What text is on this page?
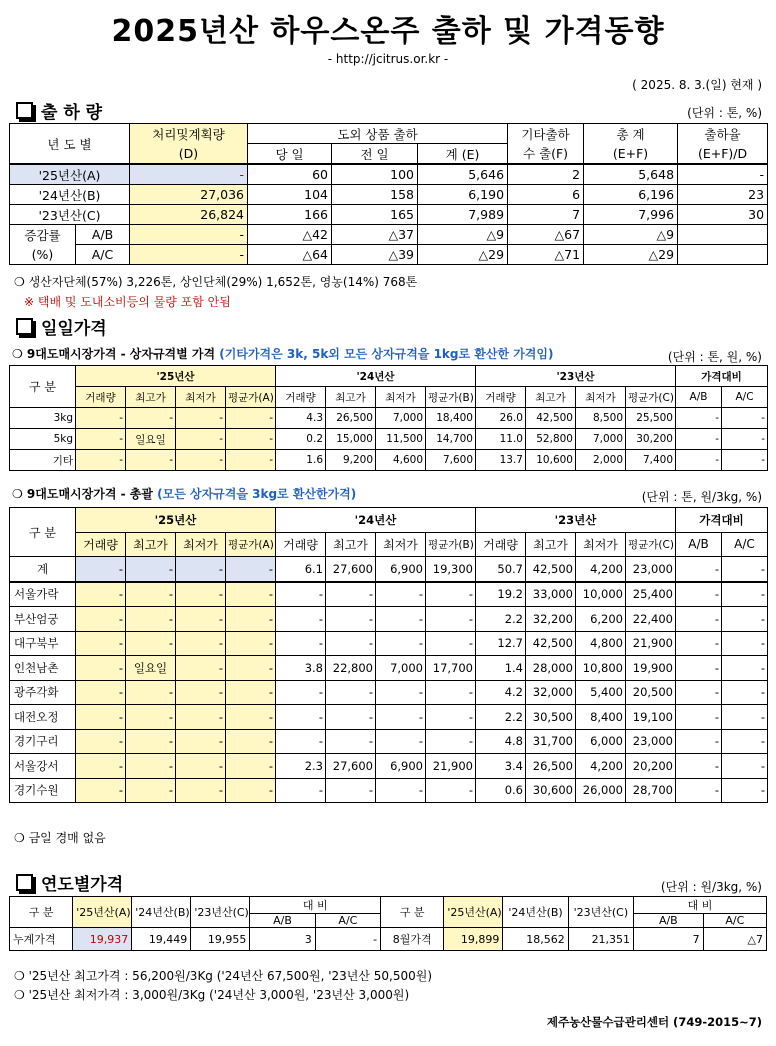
2025년산 하우스온주 출하 및 가격동향
- http://jcitrus.or.kr -
( 2025. 8. 3.(일) 현재 )
출 하 량	(단위 : 톤, %)
년 도 별		처리및계획량	도외 상품 출하			기타출하	총 계	출하율
		(D)	당 일	전 일	계 (E)	수 출(F)	(E+F)	(E+F)/D
'25년산(A)		-	60	100	5,646	2	5,648	-
'24년산(B)		27,036	104	158	6,190	6	6,196	23
'23년산(C)		26,824	166	165	7,989	7	7,996	30
증감률	A/B	-	△42	△37	△9	△67	△9	
(%)	A/C	-	△64	△39	△29	△71	△29	
❍ 생산자단체(57%) 3,226톤, 상인단체(29%) 1,652톤, 영농(14%) 768톤
※ 택배 및 도내소비등의 물량 포함 안됨
일일가격
❍ 9대도매시장가격 - 상자규격별 가격 (기타가격은 3k, 5k외 모든 상자규격을 1kg로 환산한 가격임)	(단위 : 톤, 원, %)
구 분	'25년산				'24년산				'23년산				가격대비	
	거래량	최고가	최저가	평균가(A)	거래량	최고가	최저가	평균가(B)	거래량	최고가	최저가	평균가(C)	A/B	A/C
3kg	-	-	-	-	4.3	26,500	7,000	18,400	26.0	42,500	8,500	25,500	-	-
5kg	-	일요일	-	-	0.2	15,000	11,500	14,700	11.0	52,800	7,000	30,200	-	-
기타	-	-	-	-	1.6	9,200	4,600	7,600	13.7	10,600	2,000	7,400	-	-
❍ 9대도매시장가격 - 총괄 (모든 상자규격을 3kg로 환산한가격)	(단위 : 톤, 원/3kg, %)
구 분	'25년산				'24년산				'23년산				가격대비	
	거래량	최고가	최저가	평균가(A)	거래량	최고가	최저가	평균가(B)	거래량	최고가	최저가	평균가(C)	A/B	A/C
계	-	-	-	-	6.1	27,600	6,900	19,300	50.7	42,500	4,200	23,000	-	-
서울가락	-	-	-	-	-	-	-	-	19.2	33,000	10,000	25,400	-	-
부산엄궁	-	-	-	-	-	-	-	-	2.2	32,200	6,200	22,400	-	-
대구북부	-	-	-	-	-	-	-	-	12.7	42,500	4,800	21,900	-	-
인천남촌	-	일요일	-	-	3.8	22,800	7,000	17,700	1.4	28,000	10,800	19,900	-	-
광주각화	-	-	-	-	-	-	-	-	4.2	32,000	5,400	20,500	-	-
대전오정	-	-	-	-	-	-	-	-	2.2	30,500	8,400	19,100	-	-
경기구리	-	-	-	-	-	-	-	-	4.8	31,700	6,000	23,000	-	-
서울강서	-	-	-	-	2.3	27,600	6,900	21,900	3.4	26,500	4,200	20,200	-	-
경기수원	-	-	-	-	-	-	-	-	0.6	30,600	26,000	28,700	-	-
❍ 금일 경매 없음
연도별가격	(단위 : 원/3kg, %)
구 분	'25년산(A)	'24년산(B)	'23년산(C)	대 비		구 분	'25년산(A)	'24년산(B)	'23년산(C)	대 비	
				A/B	A/C					A/B	A/C
누계가격	19,937	19,449	19,955	3	-	8월가격	19,899	18,562	21,351	7	△7
❍ '25년산 최고가격 : 56,200원/3Kg ('24년산 67,500원, '23년산 50,500원)
❍ '25년산 최저가격 : 3,000원/3Kg ('24년산 3,000원, '23년산 3,000원)
제주농산물수급관리센터 (749-2015~7)
